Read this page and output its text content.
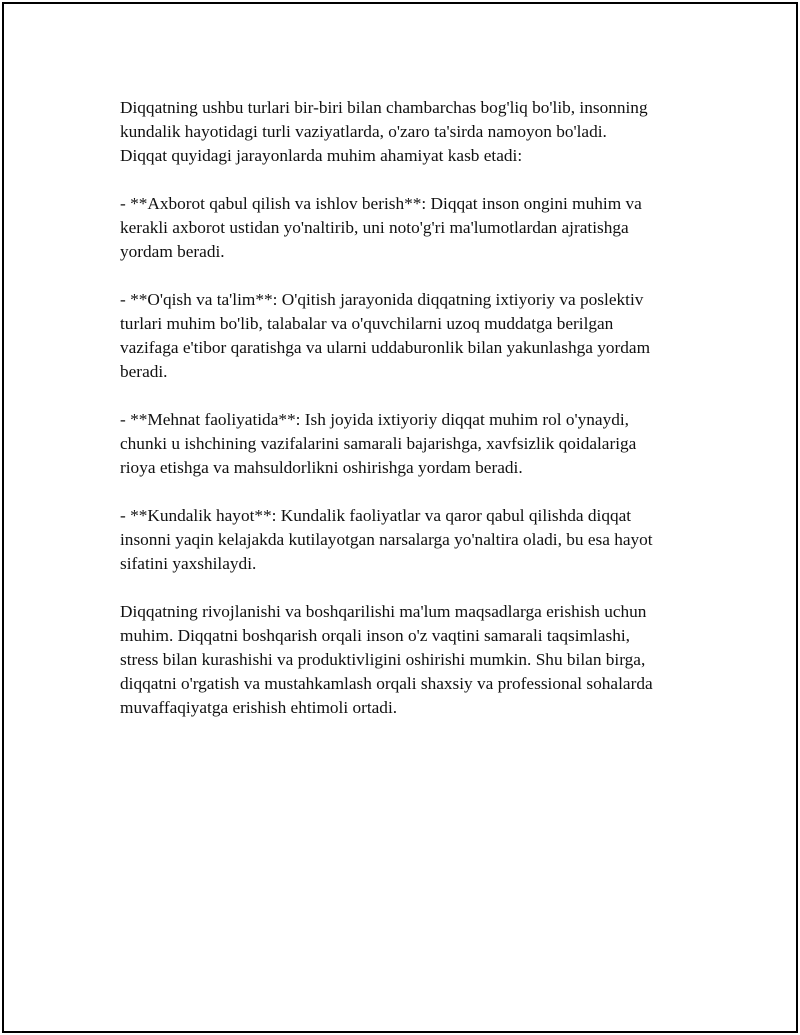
Diqqatning ushbu turlari bir-biri bilan chambarchas bog'liq bo'lib, insonning
kundalik hayotidagi turli vaziyatlarda, o'zaro ta'sirda namoyon bo'ladi.
Diqqat quyidagi jarayonlarda muhim ahamiyat kasb etadi:

- **Axborot qabul qilish va ishlov berish**: Diqqat inson ongini muhim va
kerakli axborot ustidan yo'naltirib, uni noto'g'ri ma'lumotlardan ajratishga
yordam beradi.

- **O'qish va ta'lim**: O'qitish jarayonida diqqatning ixtiyoriy va poslektiv
turlari muhim bo'lib, talabalar va o'quvchilarni uzoq muddatga berilgan
vazifaga e'tibor qaratishga va ularni uddaburonlik bilan yakunlashga yordam
beradi.

- **Mehnat faoliyatida**: Ish joyida ixtiyoriy diqqat muhim rol o'ynaydi,
chunki u ishchining vazifalarini samarali bajarishga, xavfsizlik qoidalariga
rioya etishga va mahsuldorlikni oshirishga yordam beradi.

- **Kundalik hayot**: Kundalik faoliyatlar va qaror qabul qilishda diqqat
insonni yaqin kelajakda kutilayotgan narsalarga yo'naltira oladi, bu esa hayot
sifatini yaxshilaydi.

Diqqatning rivojlanishi va boshqarilishi ma'lum maqsadlarga erishish uchun
muhim. Diqqatni boshqarish orqali inson o'z vaqtini samarali taqsimlashi,
stress bilan kurashishi va produktivligini oshirishi mumkin. Shu bilan birga,
diqqatni o'rgatish va mustahkamlash orqali shaxsiy va professional sohalarda
muvaffaqiyatga erishish ehtimoli ortadi.
